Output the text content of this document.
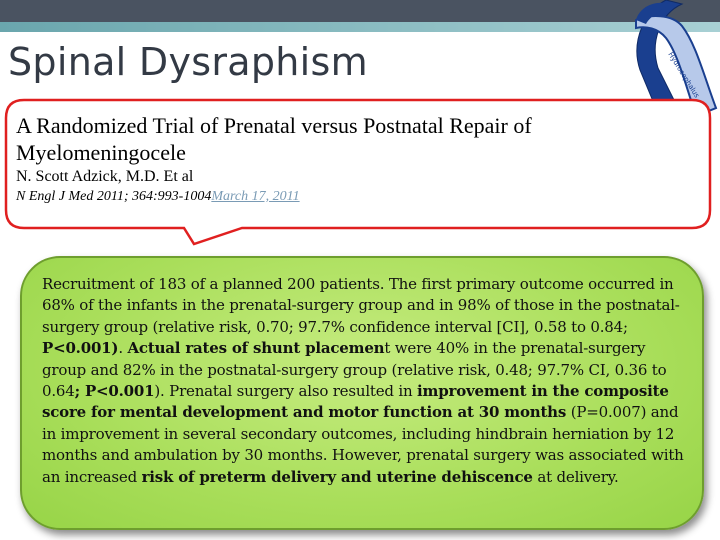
Spinal Dysraphism	Hydrocephalus
A Randomized Trial of Prenatal versus Postnatal Repair of Myelomeningocele
N. Scott Adzick, M.D. Et al
N Engl J Med 2011; 364:993-1004March 17, 2011
Recruitment of 183 of a planned 200 patients. The first primary outcome occurred in 68% of the infants in the prenatal-surgery group and in 98% of those in the postnatal-surgery group (relative risk, 0.70; 97.7% confidence interval [CI], 0.58 to 0.84; P<0.001). Actual rates of shunt placement were 40% in the prenatal-surgery group and 82% in the postnatal-surgery group (relative risk, 0.48; 97.7% CI, 0.36 to 0.64; P<0.001). Prenatal surgery also resulted in improvement in the composite score for mental development and motor function at 30 months (P=0.007) and in improvement in several secondary outcomes, including hindbrain herniation by 12 months and ambulation by 30 months. However, prenatal surgery was associated with an increased risk of preterm delivery and uterine dehiscence at delivery.
